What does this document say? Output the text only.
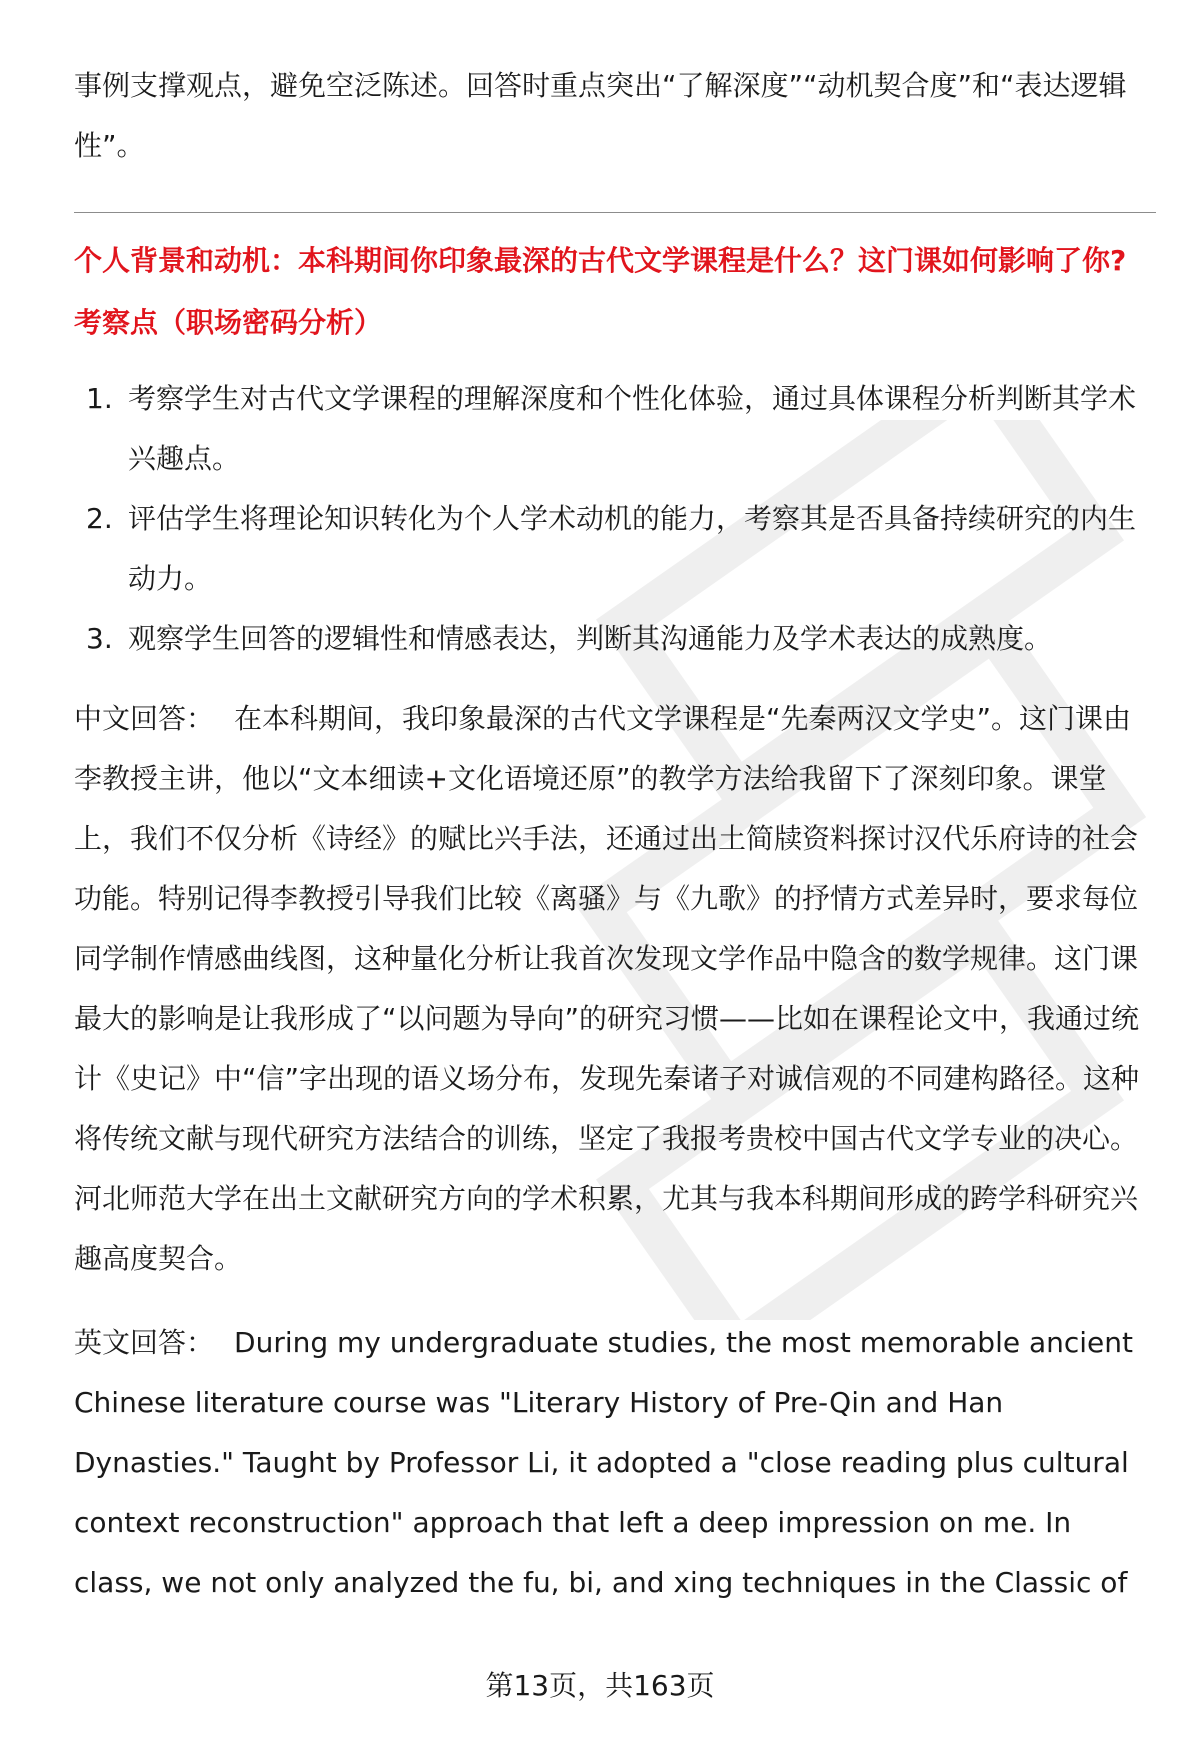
事例支撑观点，避免空泛陈述。回答时重点突出“了解深度”“动机契合度”和“表达逻辑性”。

个人背景和动机：本科期间你印象最深的古代文学课程是什么？这门课如何影响了你?

考察点（职场密码分析）

1. 考察学生对古代文学课程的理解深度和个性化体验，通过具体课程分析判断其学术兴趣点。
2. 评估学生将理论知识转化为个人学术动机的能力，考察其是否具备持续研究的内生动力。
3. 观察学生回答的逻辑性和情感表达，判断其沟通能力及学术表达的成熟度。

中文回答： 在本科期间，我印象最深的古代文学课程是“先秦两汉文学史”。这门课由李教授主讲，他以“文本细读+文化语境还原”的教学方法给我留下了深刻印象。课堂上，我们不仅分析《诗经》的赋比兴手法，还通过出土简牍资料探讨汉代乐府诗的社会功能。特别记得李教授引导我们比较《离骚》与《九歌》的抒情方式差异时，要求每位同学制作情感曲线图，这种量化分析让我首次发现文学作品中隐含的数学规律。这门课最大的影响是让我形成了“以问题为导向”的研究习惯——比如在课程论文中，我通过统计《史记》中“信”字出现的语义场分布，发现先秦诸子对诚信观的不同建构路径。这种将传统文献与现代研究方法结合的训练，坚定了我报考贵校中国古代文学专业的决心。河北师范大学在出土文献研究方向的学术积累，尤其与我本科期间形成的跨学科研究兴趣高度契合。

英文回答： During my undergraduate studies, the most memorable ancient Chinese literature course was "Literary History of Pre-Qin and Han Dynasties." Taught by Professor Li, it adopted a "close reading plus cultural context reconstruction" approach that left a deep impression on me. In class, we not only analyzed the fu, bi, and xing techniques in the Classic of

第13页，共163页
